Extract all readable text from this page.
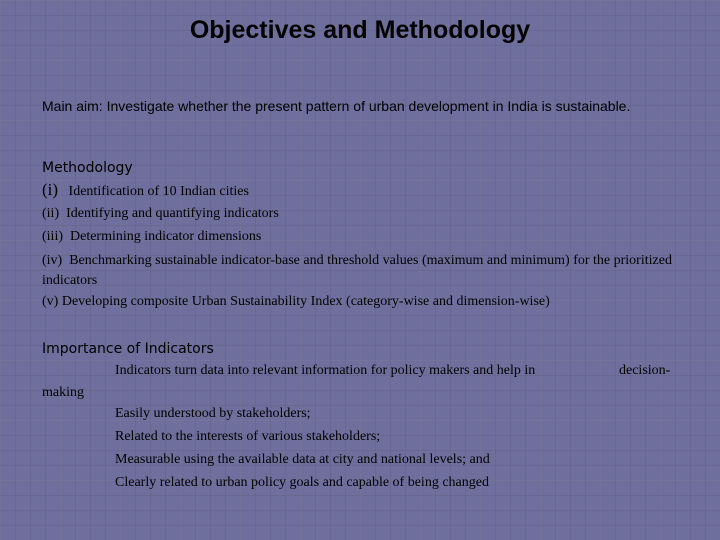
Objectives and Methodology
Main aim: Investigate whether the present pattern of urban development in India is sustainable.
Methodology
(i) Identification of 10 Indian cities
(ii) Identifying and quantifying indicators
(iii) Determining indicator dimensions
(iv) Benchmarking sustainable indicator-base and threshold values (maximum and minimum) for the prioritized indicators
(v) Developing composite Urban Sustainability Index (category-wise and dimension-wise)
Importance of Indicators
Indicators turn data into relevant information for policy makers and help in	decision-
making
Easily understood by stakeholders;
Related to the interests of various stakeholders;
Measurable using the available data at city and national levels; and
Clearly related to urban policy goals and capable of being changed
